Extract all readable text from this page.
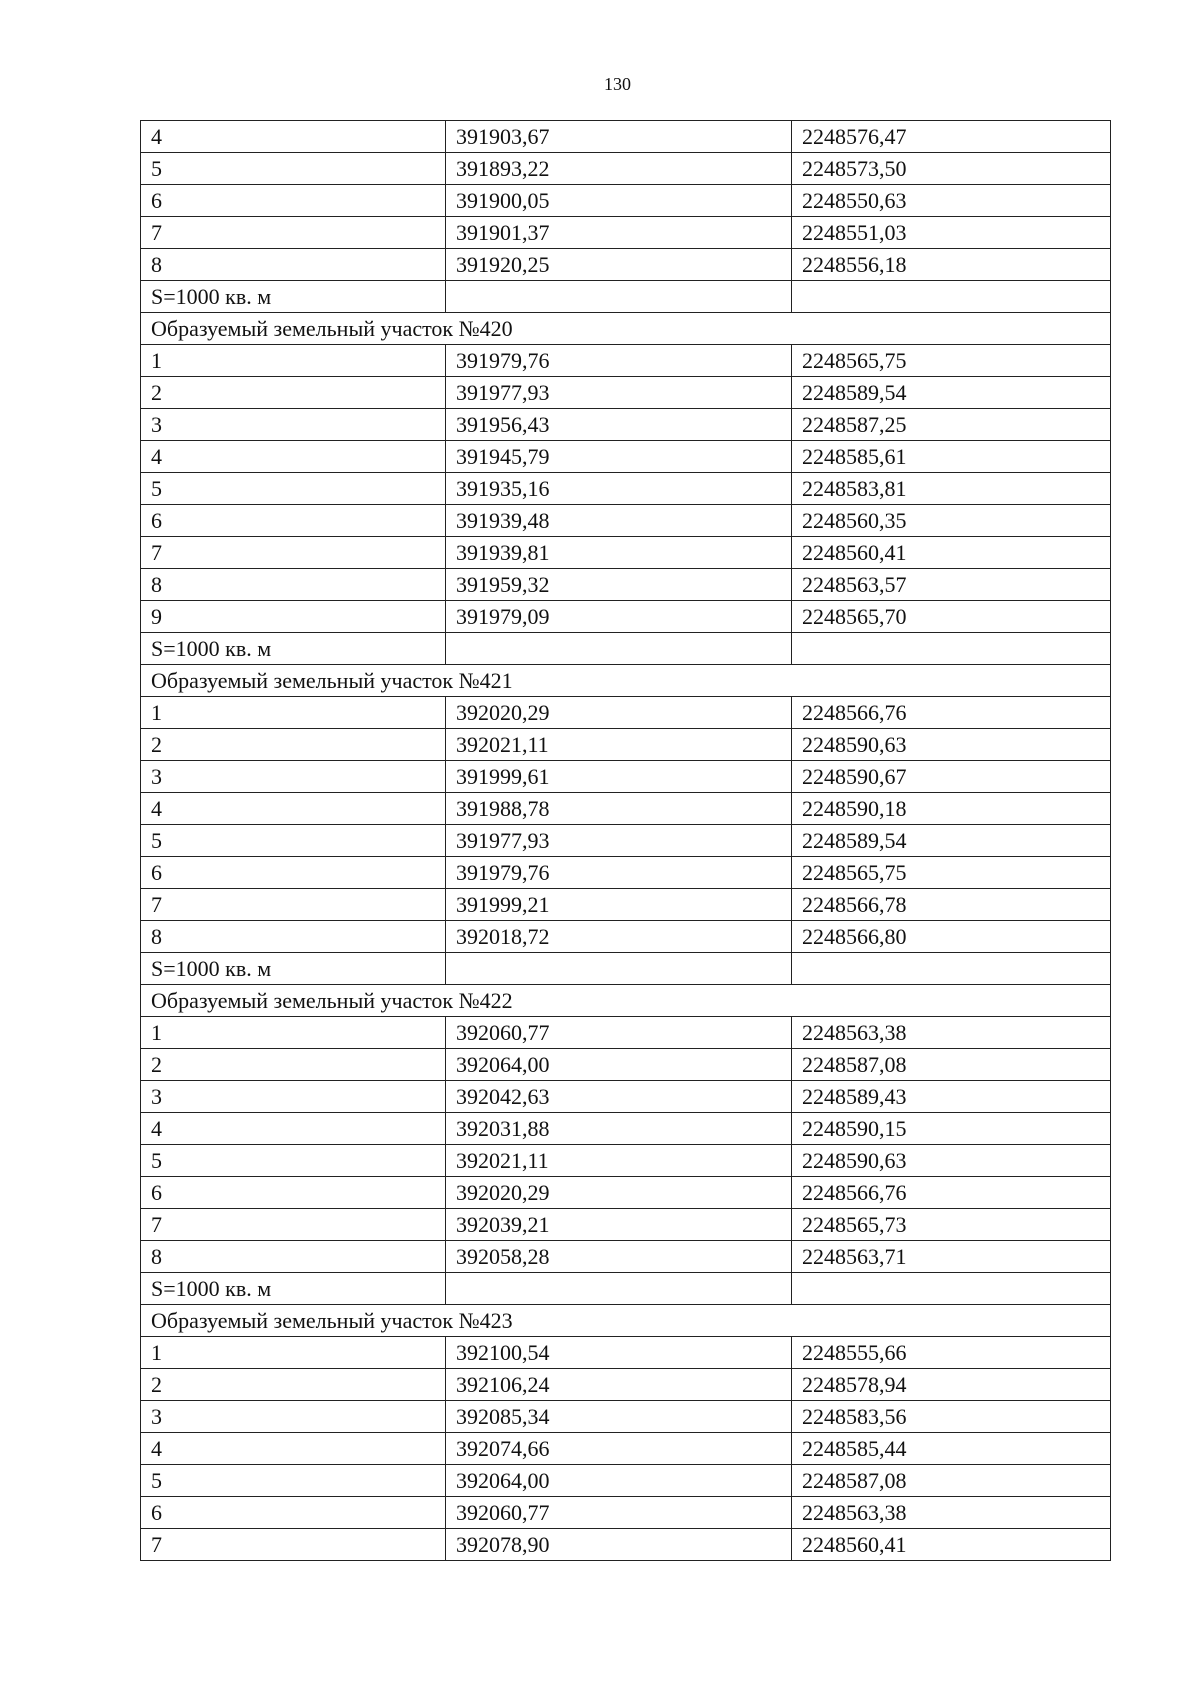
130
4	391903,67	2248576,47
5	391893,22	2248573,50
6	391900,05	2248550,63
7	391901,37	2248551,03
8	391920,25	2248556,18
S=1000 кв. м		
Образуемый земельный участок №420		
1	391979,76	2248565,75
2	391977,93	2248589,54
3	391956,43	2248587,25
4	391945,79	2248585,61
5	391935,16	2248583,81
6	391939,48	2248560,35
7	391939,81	2248560,41
8	391959,32	2248563,57
9	391979,09	2248565,70
S=1000 кв. м		
Образуемый земельный участок №421		
1	392020,29	2248566,76
2	392021,11	2248590,63
3	391999,61	2248590,67
4	391988,78	2248590,18
5	391977,93	2248589,54
6	391979,76	2248565,75
7	391999,21	2248566,78
8	392018,72	2248566,80
S=1000 кв. м		
Образуемый земельный участок №422		
1	392060,77	2248563,38
2	392064,00	2248587,08
3	392042,63	2248589,43
4	392031,88	2248590,15
5	392021,11	2248590,63
6	392020,29	2248566,76
7	392039,21	2248565,73
8	392058,28	2248563,71
S=1000 кв. м		
Образуемый земельный участок №423		
1	392100,54	2248555,66
2	392106,24	2248578,94
3	392085,34	2248583,56
4	392074,66	2248585,44
5	392064,00	2248587,08
6	392060,77	2248563,38
7	392078,90	2248560,41
